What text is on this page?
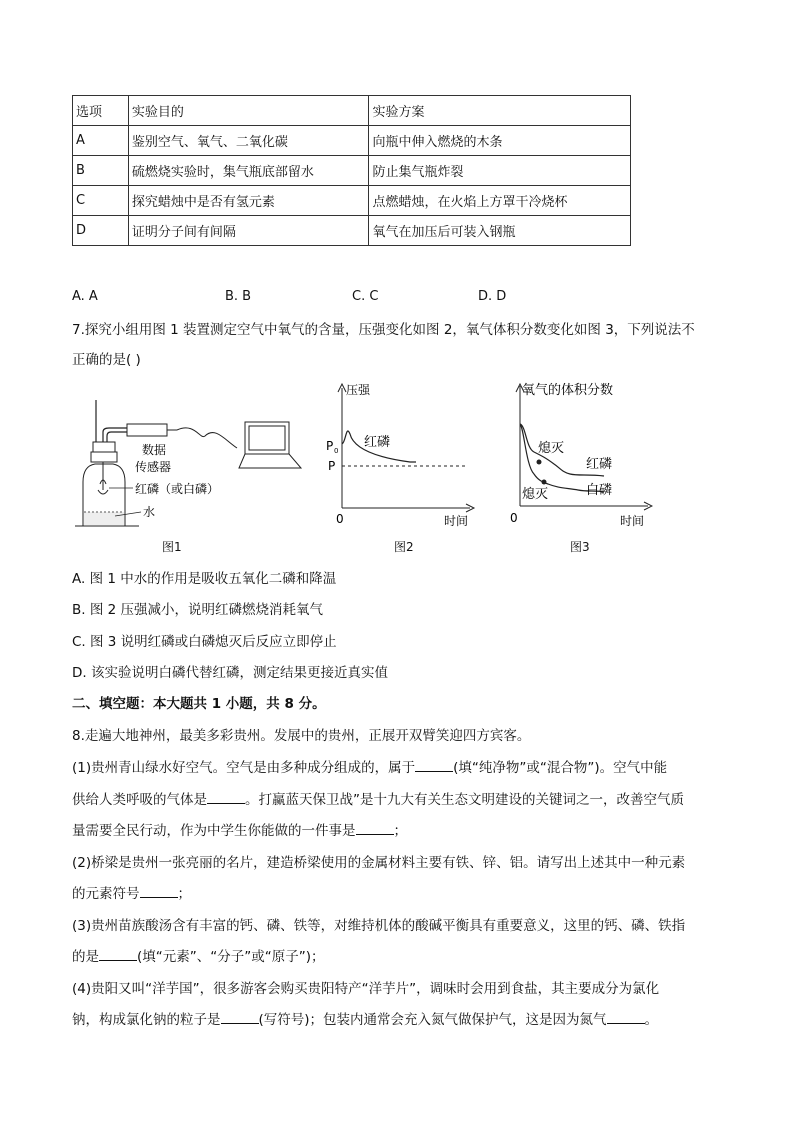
选项	实验目的	实验方案
A	鉴别空气、氧气、二氧化碳	向瓶中伸入燃烧的木条
B	硫燃烧实验时，集气瓶底部留水	防止集气瓶炸裂
C	探究蜡烛中是否有氢元素	点燃蜡烛，在火焰上方罩干冷烧杯
D	证明分子间有间隔	氧气在加压后可装入钢瓶
A. A	B. B	C. C	D. D
7.探究小组用图 1 装置测定空气中氧气的含量，压强变化如图 2，氧气体积分数变化如图 3，下列说法不
正确的是( )
数据
传感器
红磷（或白磷）
水
图1
压强
P 0
P
红磷
0	时间
图2
氧气的体积分数
熄灭
熄灭
红磷
白磷
0	时间
图3
A. 图 1 中水的作用是吸收五氧化二磷和降温
B. 图 2 压强减小，说明红磷燃烧消耗氧气
C. 图 3 说明红磷或白磷熄灭后反应立即停止
D. 该实验说明白磷代替红磷，测定结果更接近真实值
二、填空题：本大题共 1 小题，共 8 分。
8.走遍大地神州，最美多彩贵州。发展中的贵州，正展开双臂笑迎四方宾客。
(1)贵州青山绿水好空气。空气是由多种成分组成的，属于	(填“纯净物”或“混合物”)。空气中能
供给人类呼吸的气体是	。打赢蓝天保卫战”是十九大有关生态文明建设的关键词之一，改善空气质
量需要全民行动，作为中学生你能做的一件事是	；
(2)桥梁是贵州一张亮丽的名片，建造桥梁使用的金属材料主要有铁、锌、铝。请写出上述其中一种元素
的元素符号	；
(3)贵州苗族酸汤含有丰富的钙、磷、铁等，对维持机体的酸碱平衡具有重要意义，这里的钙、磷、铁指
的是	(填“元素”、“分子”或“原子”)；
(4)贵阳又叫“洋芋国”，很多游客会购买贵阳特产“洋芋片”，调味时会用到食盐，其主要成分为氯化
钠，构成氯化钠的粒子是	(写符号)；包装内通常会充入氮气做保护气，这是因为氮气	。
